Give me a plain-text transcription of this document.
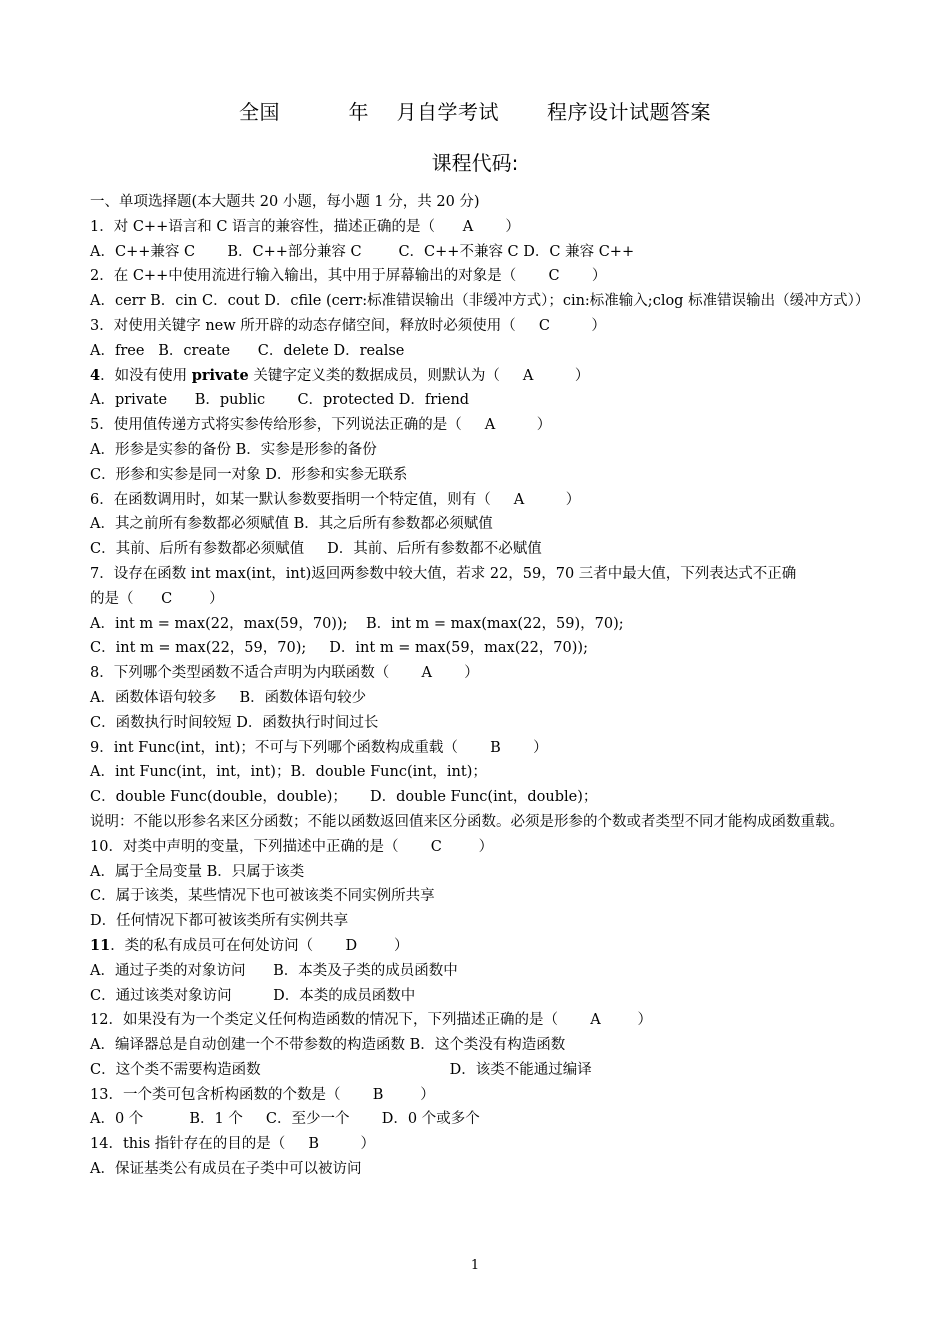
全国          年    月自学考试       程序设计试题答案
课程代码:
一、单项选择题(本大题共 20 小题，每小题 1 分，共 20 分)
1．对 C++语言和 C 语言的兼容性，描述正确的是（      A       ）
A．C++兼容 C       B．C++部分兼容 C        C．C++不兼容 C D．C 兼容 C++
2．在 C++中使用流进行输入输出，其中用于屏幕输出的对象是（       C       ）
A．cerr B．cin C．cout D．cfile (cerr:标准错误输出（非缓冲方式）；cin:标准输入;clog 标准错误输出（缓冲方式））
3．对使用关键字 new 所开辟的动态存储空间，释放时必须使用（     C         ）
A．free   B．create      C．delete D．realse
4．如没有使用 private 关键字定义类的数据成员，则默认为（     A         ）
A．private      B．public       C．protected D．friend
5．使用值传递方式将实参传给形参，下列说法正确的是（     A         ）
A．形参是实参的备份 B．实参是形参的备份
C．形参和实参是同一对象 D．形参和实参无联系
6．在函数调用时，如某一默认参数要指明一个特定值，则有（     A         ）
A．其之前所有参数都必须赋值 B．其之后所有参数都必须赋值
C．其前、后所有参数都必须赋值     D．其前、后所有参数都不必赋值
7．设存在函数 int max(int，int)返回两参数中较大值，若求 22，59，70 三者中最大值，下列表达式不正确
的是（      C        ）
A．int m = max(22，max(59，70));    B．int m = max(max(22，59)，70);
C．int m = max(22，59，70);     D．int m = max(59，max(22，70));
8．下列哪个类型函数不适合声明为内联函数（       A       ）
A．函数体语句较多     B．函数体语句较少
C．函数执行时间较短 D．函数执行时间过长
9．int Func(int，int)；不可与下列哪个函数构成重载（       B       ）
A．int Func(int，int，int)；B．double Func(int，int)；
C．double Func(double，double)；     D．double Func(int，double)；
说明：不能以形参名来区分函数；不能以函数返回值来区分函数。必须是形参的个数或者类型不同才能构成函数重载。
10．对类中声明的变量，下列描述中正确的是（       C        ）
A．属于全局变量 B．只属于该类
C．属于该类，某些情况下也可被该类不同实例所共享
D．任何情况下都可被该类所有实例共享
11．类的私有成员可在何处访问（       D        ）
A．通过子类的对象访问      B．本类及子类的成员函数中
C．通过该类对象访问         D．本类的成员函数中
12．如果没有为一个类定义任何构造函数的情况下，下列描述正确的是（       A        ）
A．编译器总是自动创建一个不带参数的构造函数 B．这个类没有构造函数
C．这个类不需要构造函数                                         D．该类不能通过编译
13．一个类可包含析构函数的个数是（       B        ）
A．0 个          B．1 个     C．至少一个       D．0 个或多个
14．this 指针存在的目的是（     B         ）
A．保证基类公有成员在子类中可以被访问
1
